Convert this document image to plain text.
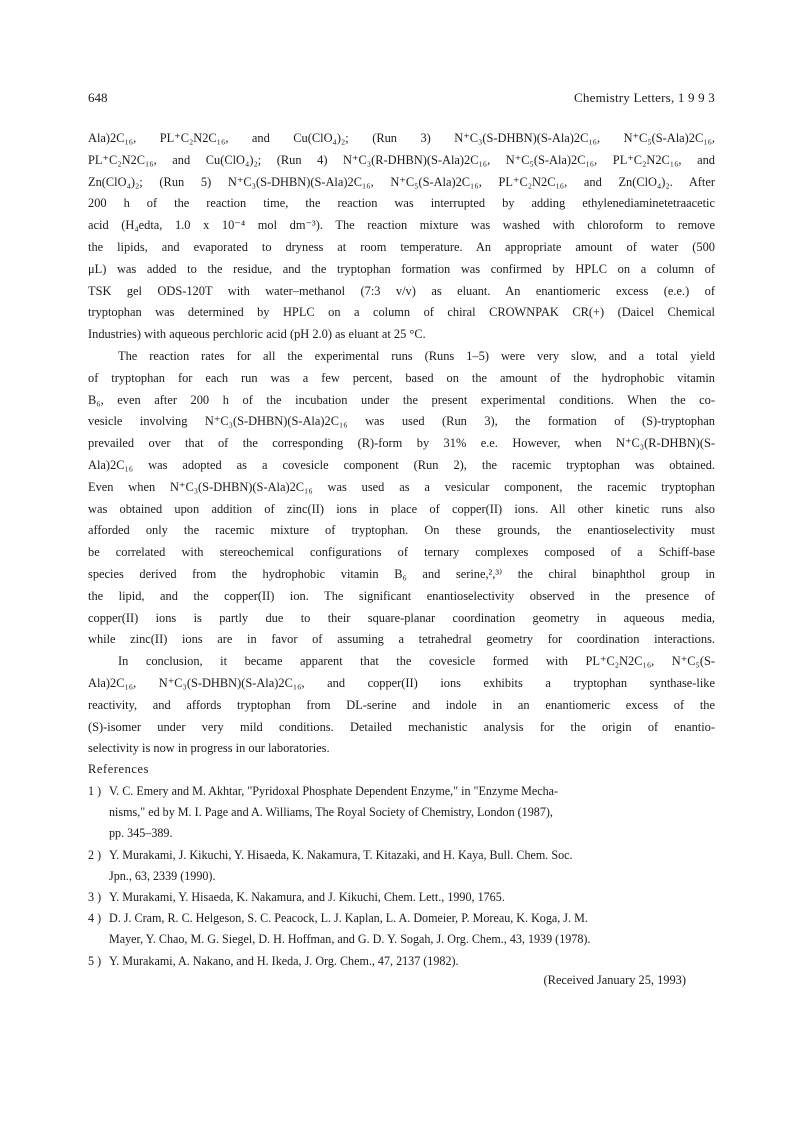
648	Chemistry Letters, 1 9 9 3
Ala)2C₁₆, PL⁺C₂N2C₁₆, and Cu(ClO₄)₂; (Run 3) N⁺C₃(S-DHBN)(S-Ala)2C₁₆, N⁺C₅(S-Ala)2C₁₆,
PL⁺C₂N2C₁₆, and Cu(ClO₄)₂; (Run 4) N⁺C₃(R-DHBN)(S-Ala)2C₁₆, N⁺C₅(S-Ala)2C₁₆, PL⁺C₂N2C₁₆, and
Zn(ClO₄)₂; (Run 5) N⁺C₃(S-DHBN)(S-Ala)2C₁₆, N⁺C₅(S-Ala)2C₁₆, PL⁺C₂N2C₁₆, and Zn(ClO₄)₂. After
200 h of the reaction time, the reaction was interrupted by adding ethylenediaminetetraacetic
acid (H₄edta, 1.0 x 10⁻⁴ mol dm⁻³). The reaction mixture was washed with chloroform to remove
the lipids, and evaporated to dryness at room temperature. An appropriate amount of water (500
μL) was added to the residue, and the tryptophan formation was confirmed by HPLC on a column of
TSK gel ODS-120T with water–methanol (7:3 v/v) as eluant. An enantiomeric excess (e.e.) of
tryptophan was determined by HPLC on a column of chiral CROWNPAK CR(+) (Daicel Chemical
Industries) with aqueous perchloric acid (pH 2.0) as eluant at 25 °C.
The reaction rates for all the experimental runs (Runs 1–5) were very slow, and a total yield
of tryptophan for each run was a few percent, based on the amount of the hydrophobic vitamin
B₆, even after 200 h of the incubation under the present experimental conditions. When the co-
vesicle involving N⁺C₃(S-DHBN)(S-Ala)2C₁₆ was used (Run 3), the formation of (S)-tryptophan
prevailed over that of the corresponding (R)-form by 31% e.e. However, when N⁺C₃(R-DHBN)(S-
Ala)2C₁₆ was adopted as a covesicle component (Run 2), the racemic tryptophan was obtained.
Even when N⁺C₃(S-DHBN)(S-Ala)2C₁₆ was used as a vesicular component, the racemic tryptophan
was obtained upon addition of zinc(II) ions in place of copper(II) ions. All other kinetic runs also
afforded only the racemic mixture of tryptophan. On these grounds, the enantioselectivity must
be correlated with stereochemical configurations of ternary complexes composed of a Schiff-base
species derived from the hydrophobic vitamin B₆ and serine,²,³⁾ the chiral binaphthol group in
the lipid, and the copper(II) ion. The significant enantioselectivity observed in the presence of
copper(II) ions is partly due to their square-planar coordination geometry in aqueous media,
while zinc(II) ions are in favor of assuming a tetrahedral geometry for coordination interactions.
In conclusion, it became apparent that the covesicle formed with PL⁺C₂N2C₁₆, N⁺C₅(S-
Ala)2C₁₆, N⁺C₃(S-DHBN)(S-Ala)2C₁₆, and copper(II) ions exhibits a tryptophan synthase-like
reactivity, and affords tryptophan from DL-serine and indole in an enantiomeric excess of the
(S)-isomer under very mild conditions. Detailed mechanistic analysis for the origin of enantio-
selectivity is now in progress in our laboratories.
References
1 ) V. C. Emery and M. Akhtar, "Pyridoxal Phosphate Dependent Enzyme," in "Enzyme Mecha-
nisms," ed by M. I. Page and A. Williams, The Royal Society of Chemistry, London (1987),
pp. 345–389.
2 ) Y. Murakami, J. Kikuchi, Y. Hisaeda, K. Nakamura, T. Kitazaki, and H. Kaya, Bull. Chem. Soc.
Jpn., 63, 2339 (1990).
3 ) Y. Murakami, Y. Hisaeda, K. Nakamura, and J. Kikuchi, Chem. Lett., 1990, 1765.
4 ) D. J. Cram, R. C. Helgeson, S. C. Peacock, L. J. Kaplan, L. A. Domeier, P. Moreau, K. Koga, J. M.
Mayer, Y. Chao, M. G. Siegel, D. H. Hoffman, and G. D. Y. Sogah, J. Org. Chem., 43, 1939 (1978).
5 ) Y. Murakami, A. Nakano, and H. Ikeda, J. Org. Chem., 47, 2137 (1982).
(Received January 25, 1993)
